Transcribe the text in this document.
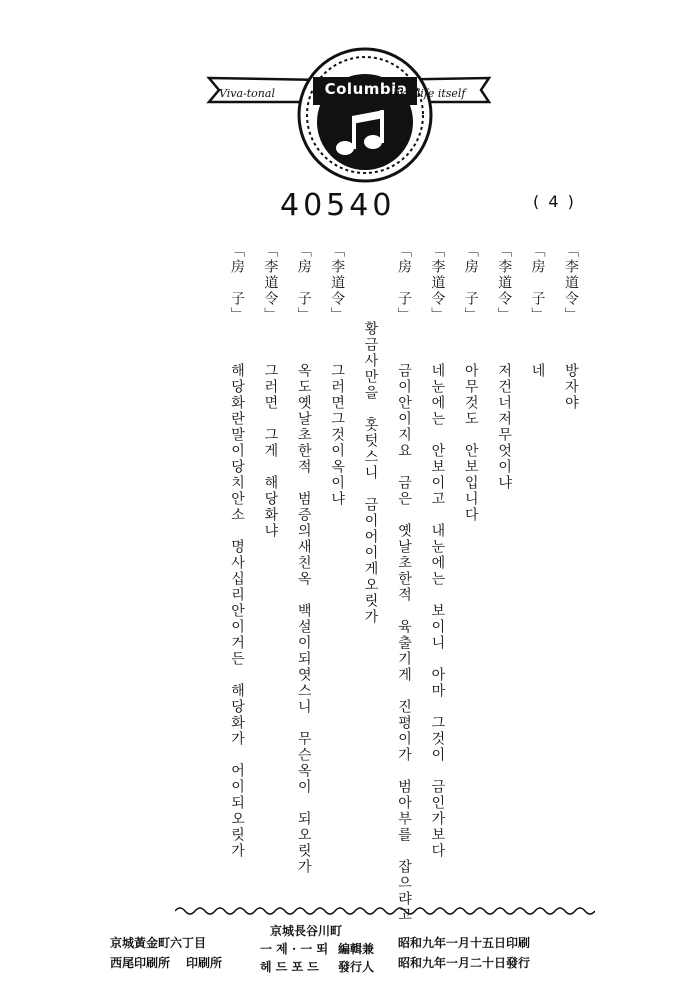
Viva-tonal	Columbia
like life itself
40540	( 4 )
「李道令」방자야
「房　子」네
「李道令」저건너저무엇이냐
「房　子」아무것도　안보입니다
「李道令」네눈에는　안보이고　내눈에는　보이니　아마　그것이　금인가보다
「房　子」금이안이지요　금은　옛날초한적　육출기게　진평이가　범아부를　잡으랴고
황금사만을　홋텃스니　금이어이게오릿가
「李道令」그러면그것이옥이냐
「房　子」옥도옛날초한적　범증의새친옥　백설이되엿스니　무슨옥이　되오릿가
「李道令」그러면　그게　해당화냐
「房　子」해당화란말이당치안소　명사십리안이거든　해당화가　어이되오릿가
昭和九年一月十五日印刷
昭和九年一月二十日發行
京城長谷川町
編輯兼
一 제 · 一 뙤
發行人
헤 드 포 드
京城黃金町六丁目
印刷所
西尾印刷所
